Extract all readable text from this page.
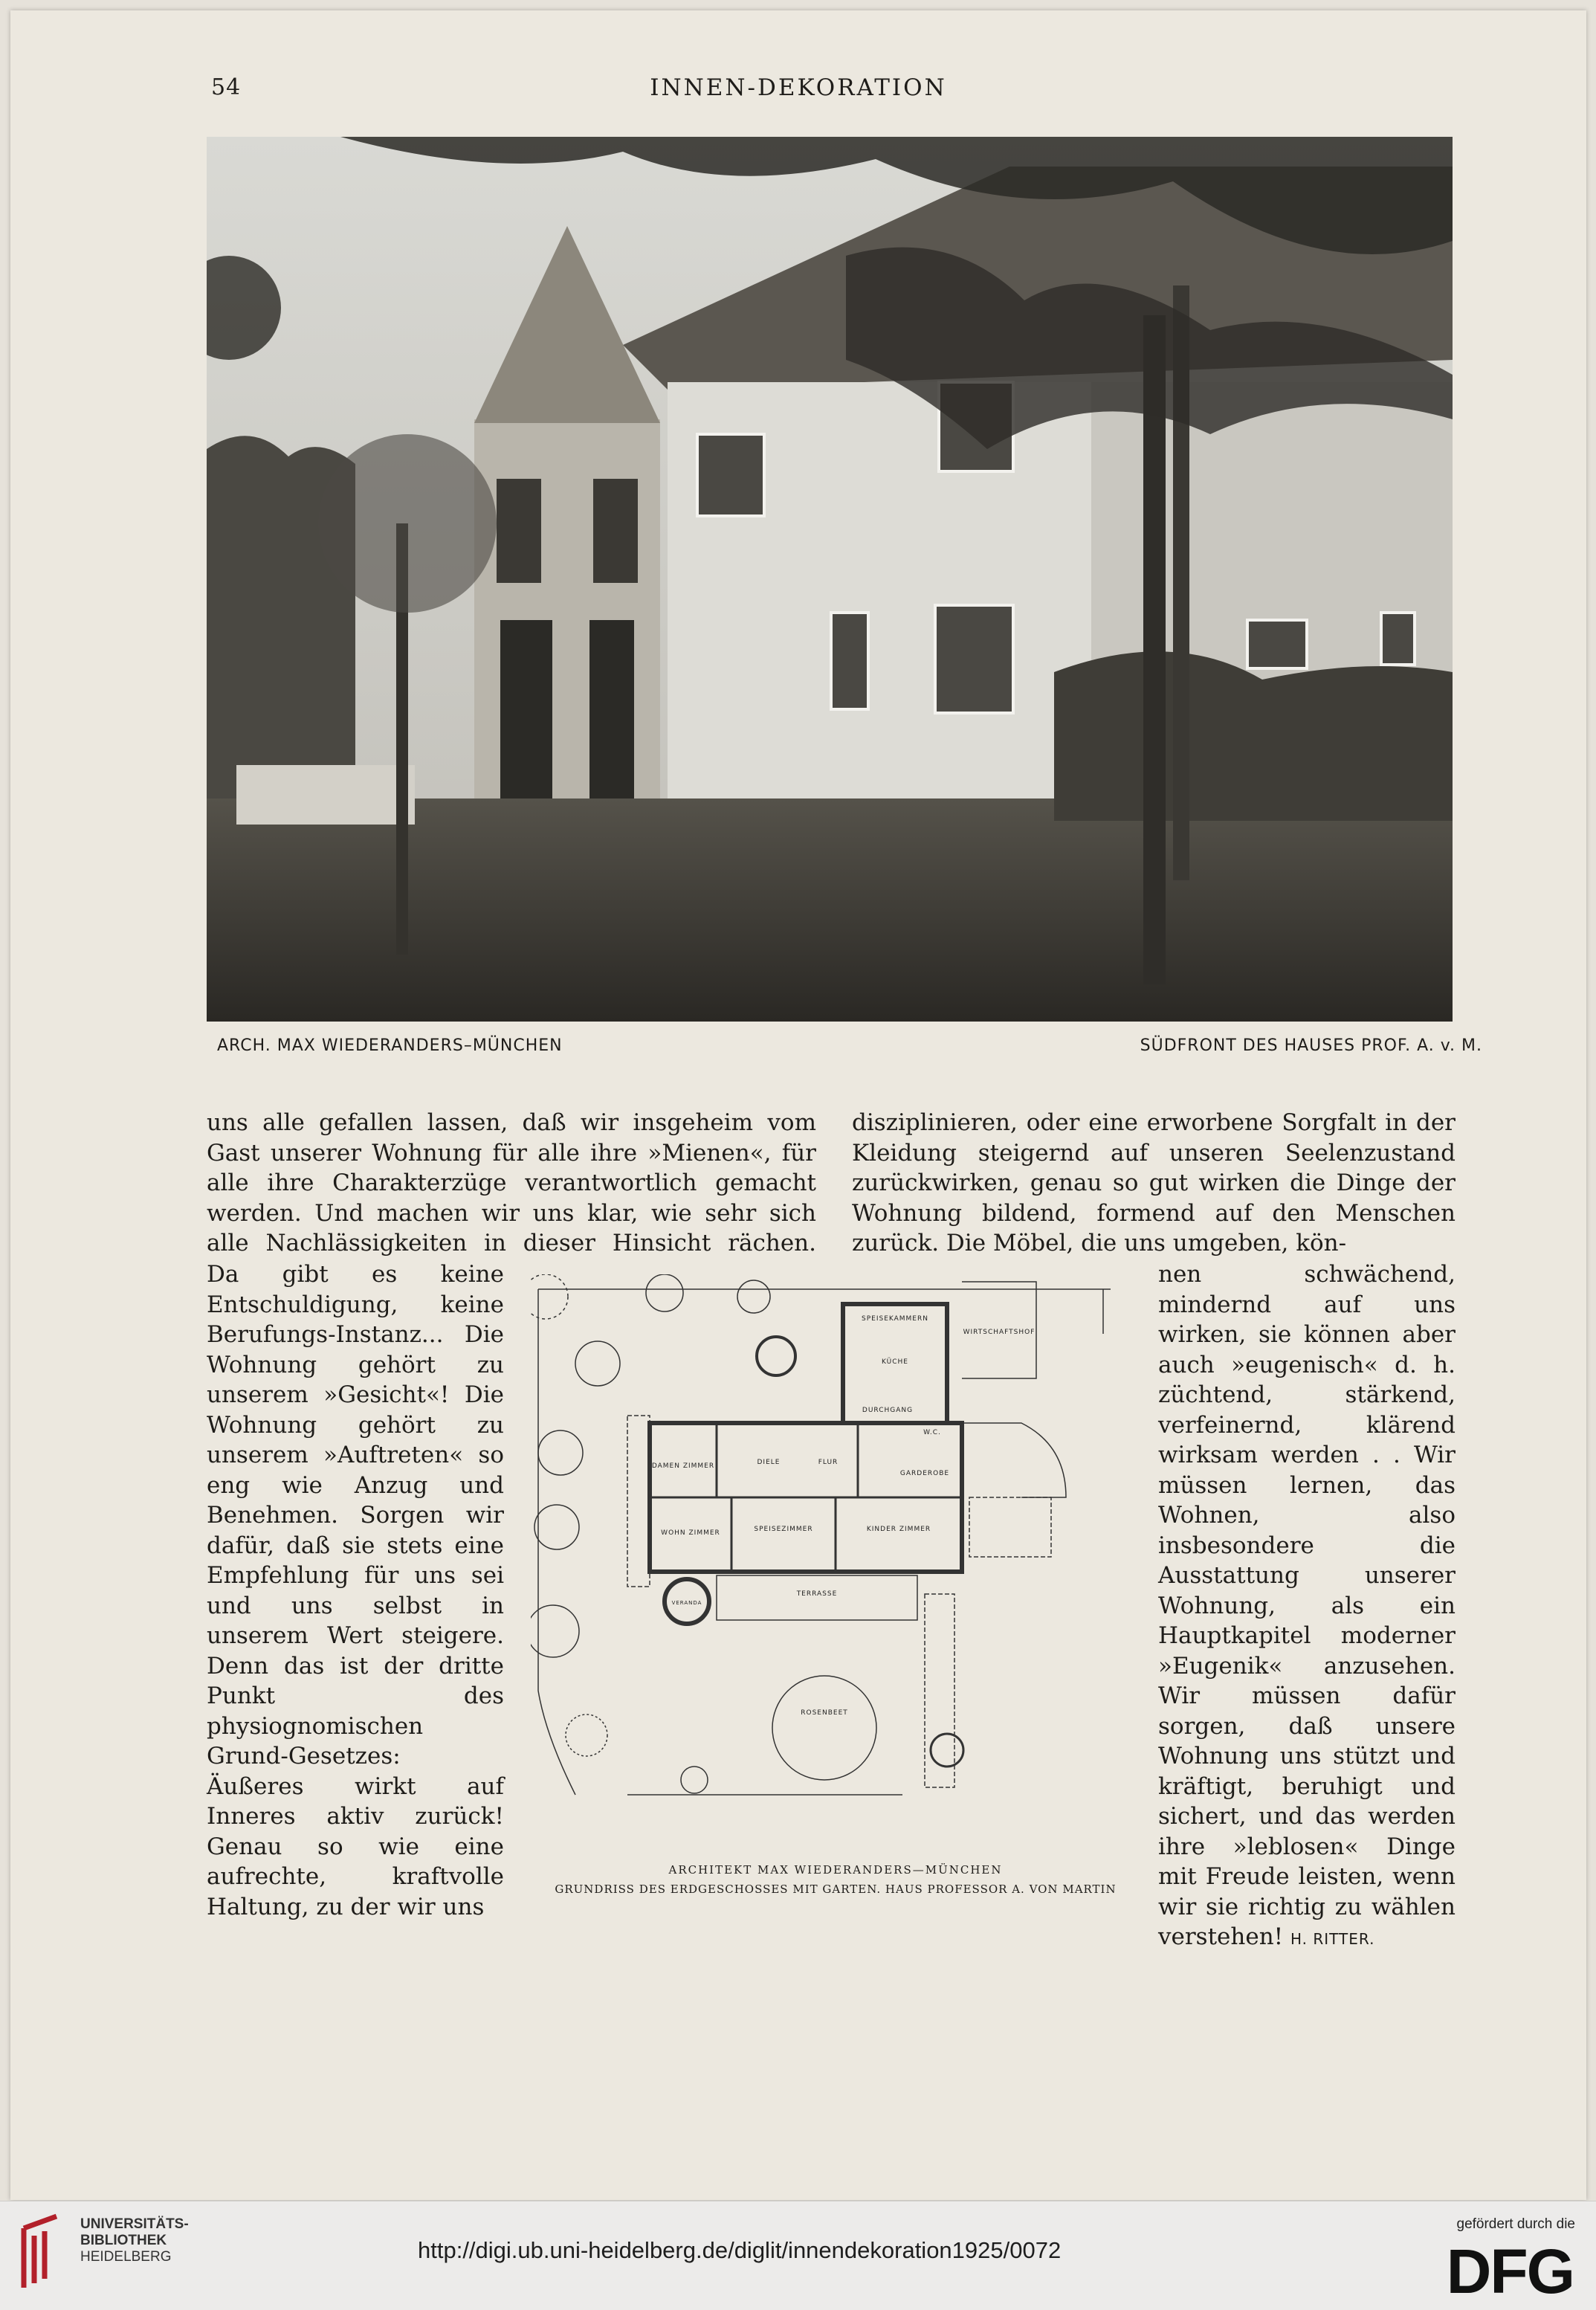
54	INNEN-DEKORATION
ARCH. MAX WIEDERANDERS–MÜNCHEN	SÜDFRONT DES HAUSES PROF. A. v. M.

uns alle gefallen lassen, daß wir insgeheim vom Gast unserer Wohnung für alle ihre »Mienen«, für alle ihre Charakterzüge verantwortlich gemacht werden. Und machen wir uns klar, wie sehr sich alle Nachlässigkeiten in dieser Hinsicht rächen.

disziplinieren, oder eine erworbene Sorgfalt in der Kleidung steigernd auf unseren Seelenzustand zurückwirken, genau so gut wirken die Dinge der Wohnung bildend, formend auf den Menschen zurück. Die Möbel, die uns umgeben, kön-

Da gibt es keine Entschuldigung, keine Berufungs-Instanz... Die Wohnung gehört zu unserem »Gesicht«! Die Wohnung gehört zu unserem »Auftreten« so eng wie Anzug und Benehmen. Sorgen wir dafür, daß sie stets eine Empfehlung für uns sei und uns selbst in unserem Wert steigere. Denn das ist der dritte Punkt des physiognomischen Grund-Gesetzes: Äußeres wirkt auf Inneres aktiv zurück! Genau so wie eine aufrechte, kraftvolle Haltung, zu der wir uns

nen schwächend, mindernd auf uns wirken, sie können aber auch »eugenisch« d. h. züchtend, stärkend, verfeinernd, klärend wirksam werden . . Wir müssen lernen, das Wohnen, also insbesondere die Ausstattung unserer Wohnung, als ein Hauptkapitel moderner »Eugenik« anzusehen. Wir müssen dafür sorgen, daß unsere Wohnung uns stützt und kräftigt, beruhigt und sichert, und das werden ihre »leblosen« Dinge mit Freude leisten, wenn wir sie richtig zu wählen verstehen! H. RITTER.

SPEISEKAMMERN
KÜCHE
WIRTSCHAFTSHOF
DURCHGANG
W.C.
GARDEROBE
DAMEN ZIMMER	DIELE	FLUR
WOHN ZIMMER	SPEISEZIMMER	KINDER ZIMMER
TERRASSE
VERANDA
ROSENBEET
ARCHITEKT MAX WIEDERANDERS—MÜNCHEN
GRUNDRISS DES ERDGESCHOSSES MIT GARTEN. HAUS PROFESSOR A. VON MARTIN
UNIVERSITÄTS-
BIBLIOTHEK
HEIDELBERG	http://digi.ub.uni-heidelberg.de/diglit/innendekoration1925/0072
gefördert durch die
DFG
